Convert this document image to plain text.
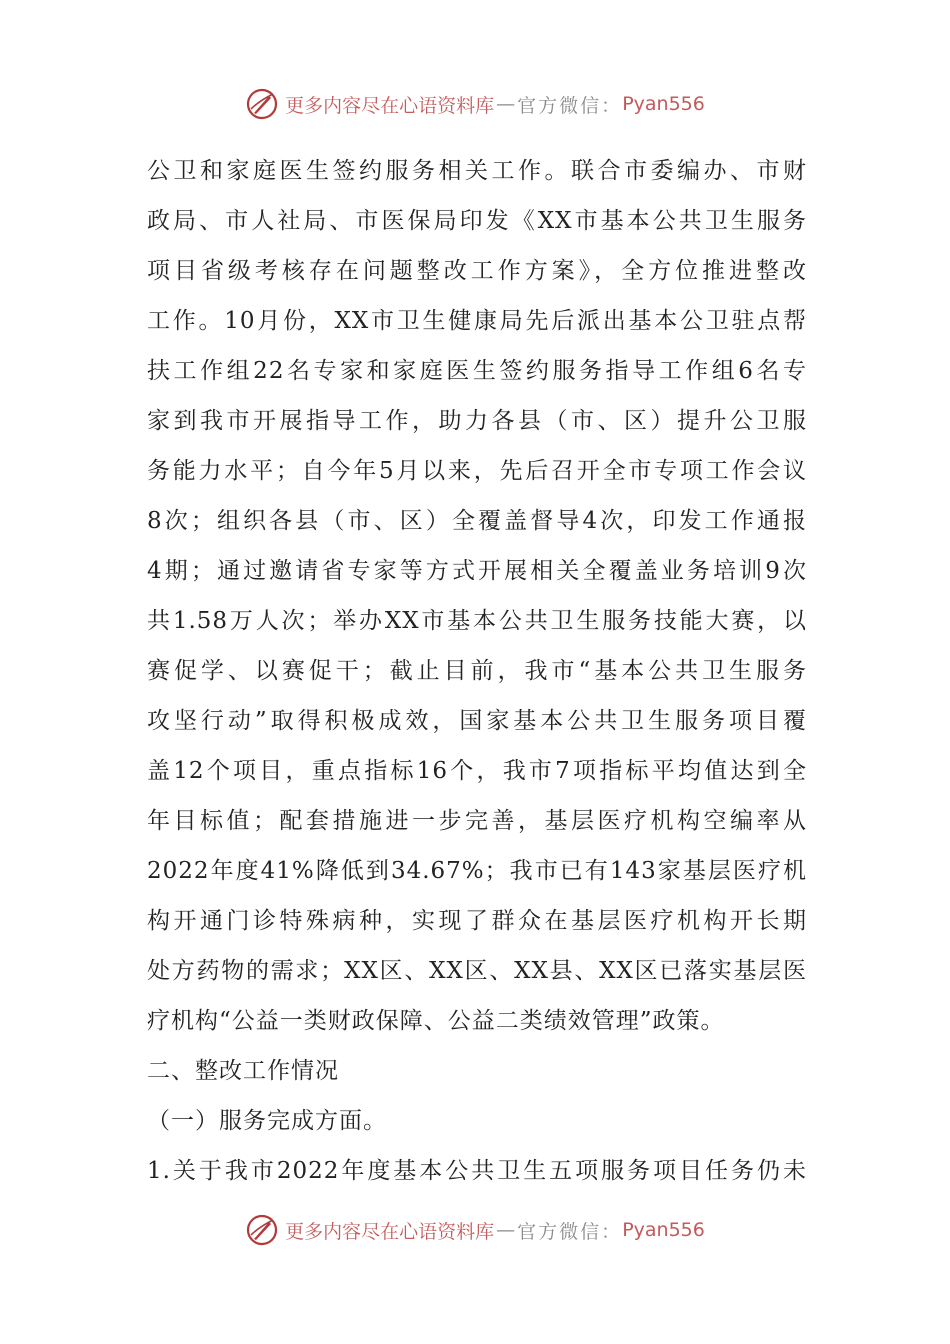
更多内容尽在心语资料库 — 官方微信： Pyan556
公卫和家庭医生签约服务相关工作。联合市委编办、市财
政局、市人社局、市医保局印发《XX市基本公共卫生服务
项目省级考核存在问题整改工作方案》，全方位推进整改
工作。10月份，XX市卫生健康局先后派出基本公卫驻点帮
扶工作组22名专家和家庭医生签约服务指导工作组6名专
家到我市开展指导工作，助力各县（市、区）提升公卫服
务能力水平；自今年5月以来，先后召开全市专项工作会议
8次；组织各县（市、区）全覆盖督导4次，印发工作通报
4期；通过邀请省专家等方式开展相关全覆盖业务培训9次
共1.58万人次；举办XX市基本公共卫生服务技能大赛，以
赛促学、以赛促干；截止目前，我市“基本公共卫生服务
攻坚行动”取得积极成效，国家基本公共卫生服务项目覆
盖12个项目，重点指标16个，我市7项指标平均值达到全
年目标值；配套措施进一步完善，基层医疗机构空编率从
2022年度41%降低到34.67%；我市已有143家基层医疗机
构开通门诊特殊病种，实现了群众在基层医疗机构开长期
处方药物的需求；XX区、XX区、XX县、XX区已落实基层医
疗机构“公益一类财政保障、公益二类绩效管理”政策。
二、整改工作情况
（一）服务完成方面。
1.关于我市2022年度基本公共卫生五项服务项目任务仍未
更多内容尽在心语资料库 — 官方微信： Pyan556
